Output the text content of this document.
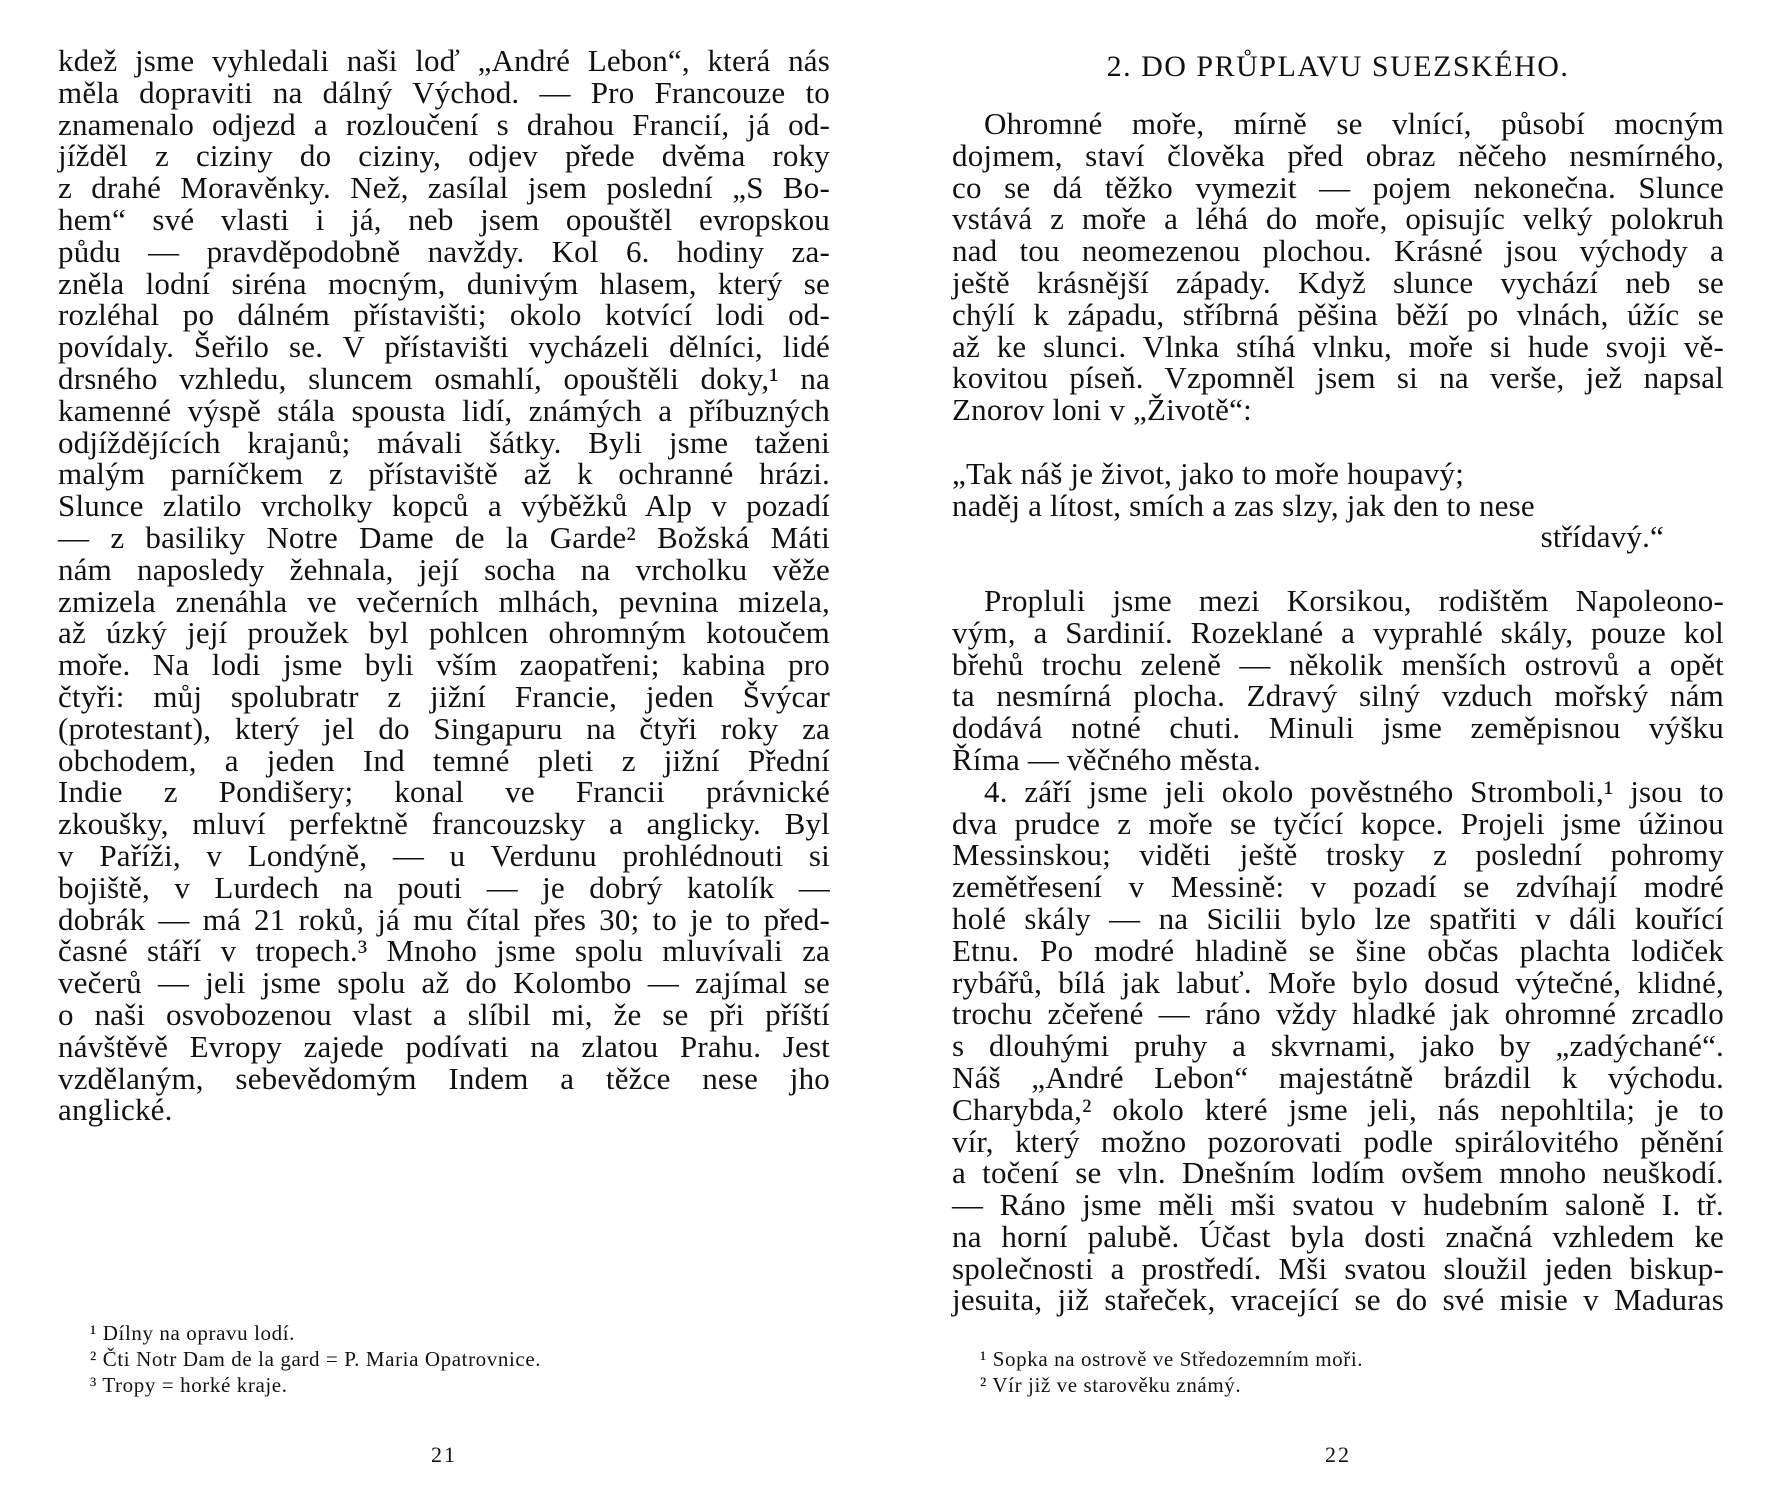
kdež jsme vyhledali naši loď „André Lebon“, která nás
měla dopraviti na dálný Východ. — Pro Francouze to
znamenalo odjezd a rozloučení s drahou Francií, já od-
jížděl z ciziny do ciziny, odjev přede dvěma roky
z drahé Moravěnky. Než, zasílal jsem poslední „S Bo-
hem“ své vlasti i já, neb jsem opouštěl evropskou
půdu — pravděpodobně navždy. Kol 6. hodiny za-
zněla lodní siréna mocným, dunivým hlasem, který se
rozléhal po dálném přístavišti; okolo kotvící lodi od-
povídaly. Šeřilo se. V přístavišti vycházeli dělníci, lidé
drsného vzhledu, sluncem osmahlí, opouštěli doky,¹ na
kamenné výspě stála spousta lidí, známých a příbuzných
odjíždějících krajanů; mávali šátky. Byli jsme taženi
malým parníčkem z přístaviště až k ochranné hrázi.
Slunce zlatilo vrcholky kopců a výběžků Alp v pozadí
— z basiliky Notre Dame de la Garde² Božská Máti
nám naposledy žehnala, její socha na vrcholku věže
zmizela znenáhla ve večerních mlhách, pevnina mizela,
až úzký její proužek byl pohlcen ohromným kotoučem
moře. Na lodi jsme byli vším zaopatřeni; kabina pro
čtyři: můj spolubratr z jižní Francie, jeden Švýcar
(protestant), který jel do Singapuru na čtyři roky za
obchodem, a jeden Ind temné pleti z jižní Přední
Indie z Pondišery; konal ve Francii právnické
zkoušky, mluví perfektně francouzsky a anglicky. Byl
v Paříži, v Londýně, — u Verdunu prohlédnouti si
bojiště, v Lurdech na pouti — je dobrý katolík —
dobrák — má 21 roků, já mu čítal přes 30; to je to před-
časné stáří v tropech.³ Mnoho jsme spolu mluvívali za
večerů — jeli jsme spolu až do Kolombo — zajímal se
o naši osvobozenou vlast a slíbil mi, že se při příští
návštěvě Evropy zajede podívati na zlatou Prahu. Jest
vzdělaným, sebevědomým Indem a těžce nese jho
anglické.
¹ Dílny na opravu lodí.
² Čti Notr Dam de la gard = P. Maria Opatrovnice.
³ Tropy = horké kraje.
21
2. DO PRŮPLAVU SUEZSKÉHO.
Ohromné moře, mírně se vlnící, působí mocným
dojmem, staví člověka před obraz něčeho nesmírného,
co se dá těžko vymezit — pojem nekonečna. Slunce
vstává z moře a léhá do moře, opisujíc velký polokruh
nad tou neomezenou plochou. Krásné jsou východy a
ještě krásnější západy. Když slunce vychází neb se
chýlí k západu, stříbrná pěšina běží po vlnách, úžíc se
až ke slunci. Vlnka stíhá vlnku, moře si hude svoji vě-
kovitou píseň. Vzpomněl jsem si na verše, jež napsal
Znorov loni v „Životě“:
„Tak náš je život, jako to moře houpavý;
naděj a lítost, smích a zas slzy, jak den to nese
střídavý.“
Propluli jsme mezi Korsikou, rodištěm Napoleono-
vým, a Sardinií. Rozeklané a vyprahlé skály, pouze kol
břehů trochu zeleně — několik menších ostrovů a opět
ta nesmírná plocha. Zdravý silný vzduch mořský nám
dodává notné chuti. Minuli jsme zeměpisnou výšku
Říma — věčného města.
4. září jsme jeli okolo pověstného Stromboli,¹ jsou to
dva prudce z moře se tyčící kopce. Projeli jsme úžinou
Messinskou; viděti ještě trosky z poslední pohromy
zemětřesení v Messině: v pozadí se zdvíhají modré
holé skály — na Sicilii bylo lze spatřiti v dáli kouřící
Etnu. Po modré hladině se šine občas plachta lodiček
rybářů, bílá jak labuť. Moře bylo dosud výtečné, klidné,
trochu zčeřené — ráno vždy hladké jak ohromné zrcadlo
s dlouhými pruhy a skvrnami, jako by „zadýchané“.
Náš „André Lebon“ majestátně brázdil k východu.
Charybda,² okolo které jsme jeli, nás nepohltila; je to
vír, který možno pozorovati podle spirálovitého pěnění
a točení se vln. Dnešním lodím ovšem mnoho neuškodí.
— Ráno jsme měli mši svatou v hudebním saloně I. tř.
na horní palubě. Účast byla dosti značná vzhledem ke
společnosti a prostředí. Mši svatou sloužil jeden biskup-
jesuita, již stařeček, vracející se do své misie v Maduras
¹ Sopka na ostrově ve Středozemním moři.
² Vír již ve starověku známý.
22
